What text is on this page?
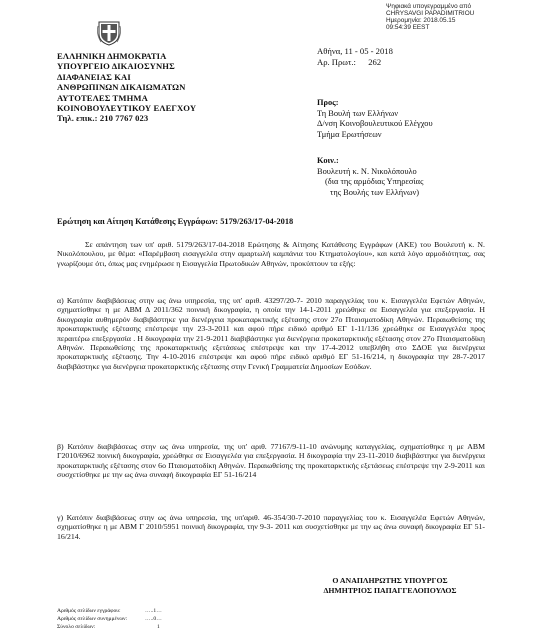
Ψηφιακά υπογεγραμμένο από
CHRYSAVGI PAPADIMITRIOU
Ημερομηνία: 2018.05.15
09:54:39 EEST
ΕΛΛΗΝΙΚΗ ΔΗΜΟΚΡΑΤΙΑ
ΥΠΟΥΡΓΕΙΟ ΔΙΚΑΙΟΣΥΝΗΣ
ΔΙΑΦΑΝΕΙΑΣ ΚΑΙ
ΑΝΘΡΩΠΙΝΩΝ ΔΙΚΑΙΩΜΑΤΩΝ
ΑΥΤΟΤΕΛΕΣ ΤΜΗΜΑ
ΚΟΙΝΟΒΟΥΛΕΥΤΙΚΟΥ ΕΛΕΓΧΟΥ
Τηλ. επικ.: 210 7767 023
Αθήνα, 11 - 05 - 2018
Αρ. Πρωτ.: 262
Προς:
Τη Βουλή των Ελλήνων
Δ/νση Κοινοβουλευτικού Ελέγχου
Τμήμα Ερωτήσεων
Κοιν.:
Βουλευτή κ. Ν. Νικολόπουλο
(δια της αρμόδιας Υπηρεσίας
της Βουλής των Ελλήνων)
Ερώτηση και Αίτηση Κατάθεσης Εγγράφων: 5179/263/17-04-2018
Σε απάντηση των υπ' αριθ. 5179/263/17-04-2018 Ερώτησης & Αίτησης Κατάθεσης Εγγράφων (ΑΚΕ) του Βουλευτή κ. Ν. Νικολόπουλου, με θέμα: «Παρέμβαση εισαγγελέα στην αμαρτωλή καμπάνια του Κτηματολογίου», και κατά λόγο αρμοδιότητας, σας γνωρίζουμε ότι, όπως μας ενημέρωσε η Εισαγγελία Πρωτοδικών Αθηνών, προκύπτουν τα εξής:
α) Κατόπιν διαβιβάσεως στην ως άνω υπηρεσία, της υπ' αριθ. 43297/20-7- 2010 παραγγελίας του κ. Εισαγγελέα Εφετών Αθηνών, σχηματίσθηκε η με ΑΒΜ Δ 2011/362 ποινική δικογραφία, η οποία την 14-1-2011 χρεώθηκε σε Εισαγγελέα για επεξεργασία. Η δικογραφία αυθημερόν διαβιβάστηκε για διενέργεια προκαταρκτικής εξέτασης στον 27ο Πταισματοδίκη Αθηνών. Περαιωθείσης της προκαταρκτικής εξέτασης επέστρεψε την 23-3-2011 και αφού πήρε ειδικό αριθμό ΕΓ 1-11/136 χρεώθηκε σε Εισαγγελέα προς περαιτέρω επεξεργασία . Η δικογραφία την 21-9-2011 διαβιβάστηκε για διενέργεια προκαταρκτικής εξέτασης στον 27ο Πταισματοδίκη Αθηνών. Περαιωθείσης της προκαταρκτικής εξετάσεως επέστρεψε και την 17-4-2012 υπεβλήθη στο ΣΔΟΕ για διενέργεια προκαταρκτικής εξέτασης. Την 4-10-2016 επέστρεψε και αφού πήρε ειδικό αριθμό ΕΓ 51-16/214, η δικογραφία την 28-7-2017 διαβιβάστηκε για διενέργεια προκαταρκτικής εξέτασης στην Γενική Γραμματεία Δημοσίων Εσόδων.
β) Κατόπιν διαβιβάσεως στην ως άνω υπηρεσία, της υπ' αριθ. 77167/9-11-10 ανώνυμης καταγγελίας, σχηματίσθηκε η με ΑΒΜ Γ2010/6962 ποινική δικογραφία, χρεώθηκε σε Εισαγγελέα για επεξεργασία. Η δικογραφία την 23-11-2010 διαβιβάστηκε για διενέργεια προκαταρκτικής εξέτασης στον 6ο Πταισματοδίκη Αθηνών. Περαιωθείσης της προκαταρκτικής εξετάσεως επέστρεψε την 2-9-2011 και συσχετίσθηκε με την ως άνω συναφή δικογραφία ΕΓ 51-16/214
γ) Κατόπιν διαβιβάσεως στην ως άνω υπηρεσία, της υπ'αριθ. 46-354/30-7-2010 παραγγελίας του κ. Εισαγγελέα Εφετών Αθηνών, σχηματίσθηκε η με ΑΒΜ Γ 2010/5951 ποινική δικογραφία, την 9-3- 2011 και συσχετίσθηκε με την ως άνω συναφή δικογραφία ΕΓ 51- 16/214.
Ο ΑΝΑΠΛΗΡΩΤΗΣ ΥΠΟΥΡΓΟΣ
ΔΗΜΗΤΡΙΟΣ ΠΑΠΑΓΓΕΛΟΠΟΥΛΟΣ
Αριθμός σελίδων εγγράφου:	…..1…
Αριθμός σελίδων συνημμένων:	…..0…
Σύνολο σελίδων:	1
